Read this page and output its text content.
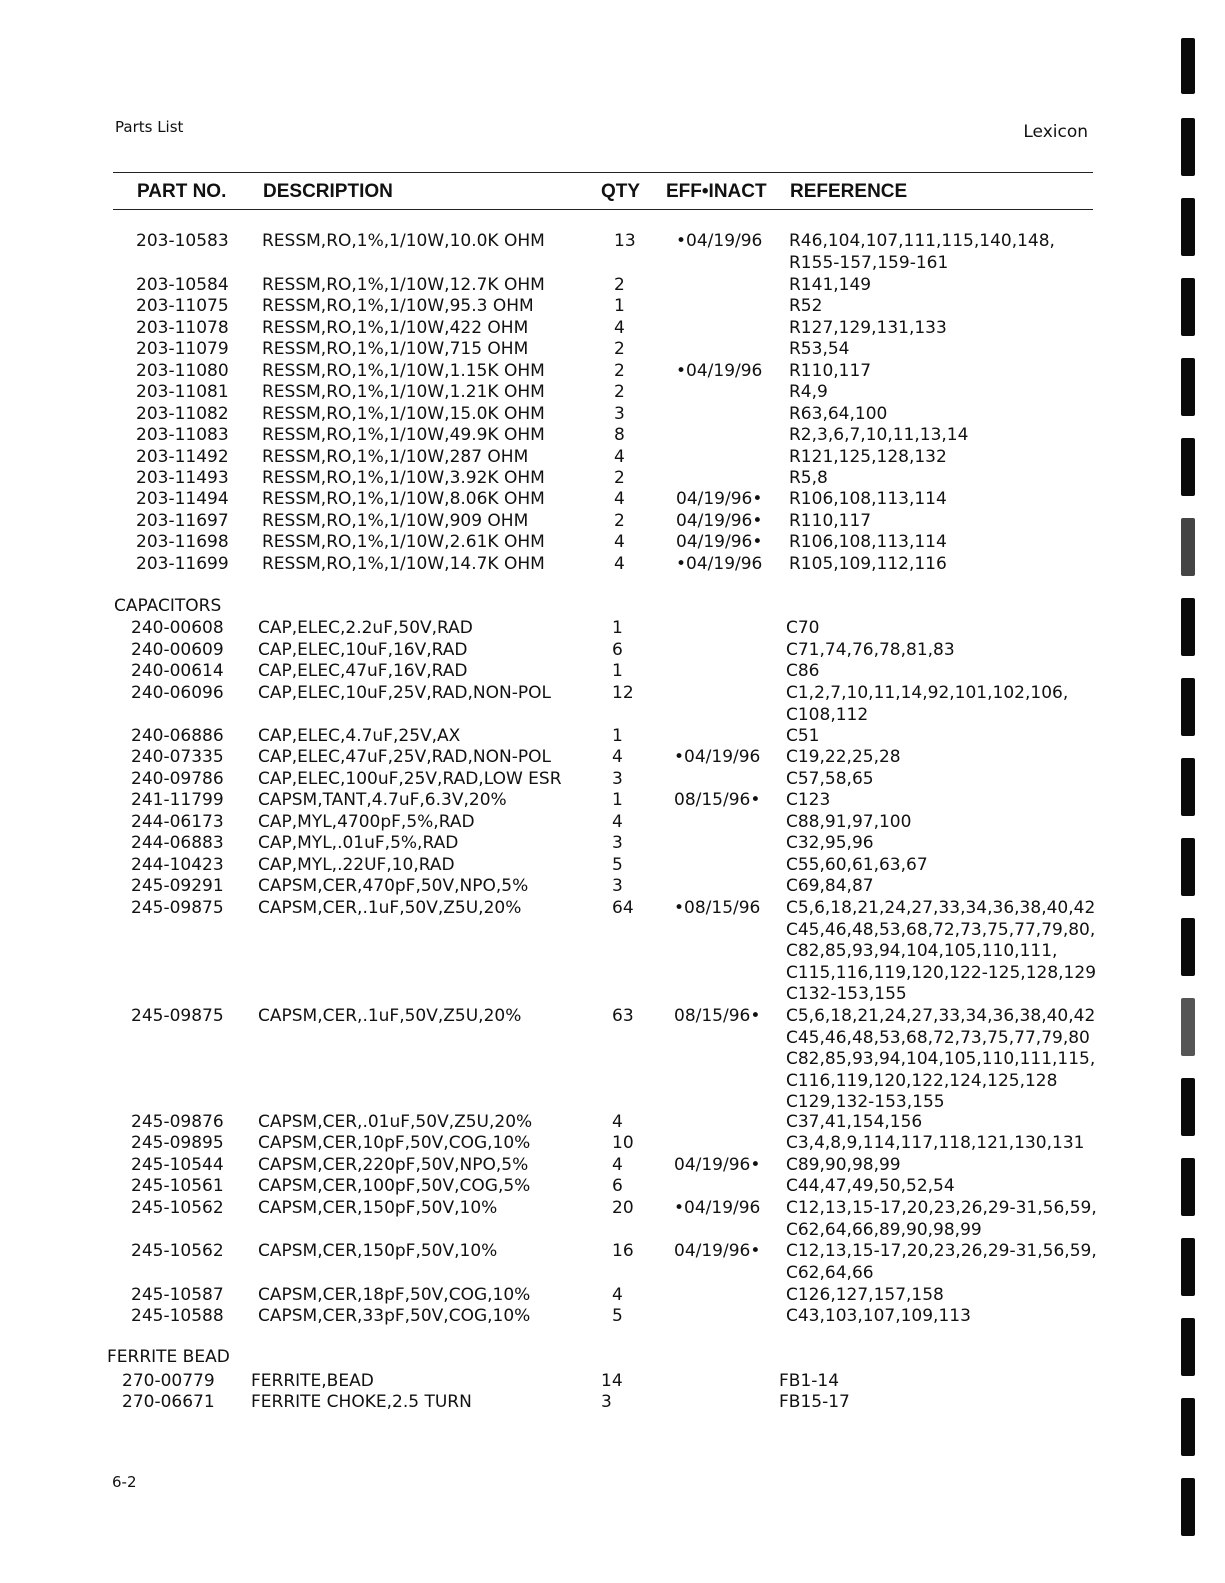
Parts List	Lexicon
PART NO. DESCRIPTION	QTY EFF•INACT REFERENCE
203-10583 RESSM,RO,1%,1/10W,10.0K OHM	13 •04/19/96 R46,104,107,111,115,140,148,
R155-157,159-161
203-10584 RESSM,RO,1%,1/10W,12.7K OHM	2	R141,149
203-11075 RESSM,RO,1%,1/10W,95.3 OHM	1	R52
203-11078 RESSM,RO,1%,1/10W,422 OHM	4	R127,129,131,133
203-11079 RESSM,RO,1%,1/10W,715 OHM	2	R53,54
203-11080 RESSM,RO,1%,1/10W,1.15K OHM	2	•04/19/96 R110,117
203-11081 RESSM,RO,1%,1/10W,1.21K OHM	2	R4,9
203-11082 RESSM,RO,1%,1/10W,15.0K OHM	3	R63,64,100
203-11083 RESSM,RO,1%,1/10W,49.9K OHM	8	R2,3,6,7,10,11,13,14
203-11492 RESSM,RO,1%,1/10W,287 OHM	4	R121,125,128,132
203-11493 RESSM,RO,1%,1/10W,3.92K OHM	2	R5,8
203-11494 RESSM,RO,1%,1/10W,8.06K OHM	4	04/19/96• R106,108,113,114
203-11697 RESSM,RO,1%,1/10W,909 OHM	2	04/19/96• R110,117
203-11698 RESSM,RO,1%,1/10W,2.61K OHM	4	04/19/96• R106,108,113,114
203-11699 RESSM,RO,1%,1/10W,14.7K OHM	4	•04/19/96 R105,109,112,116
CAPACITORS
240-00608 CAP,ELEC,2.2uF,50V,RAD	1	C70
240-00609 CAP,ELEC,10uF,16V,RAD	6	C71,74,76,78,81,83
240-00614 CAP,ELEC,47uF,16V,RAD	1	C86
240-06096 CAP,ELEC,10uF,25V,RAD,NON-POL	12	C1,2,7,10,11,14,92,101,102,106,
C108,112
240-06886 CAP,ELEC,4.7uF,25V,AX	1	C51
240-07335 CAP,ELEC,47uF,25V,RAD,NON-POL	4	•04/19/96 C19,22,25,28
240-09786 CAP,ELEC,100uF,25V,RAD,LOW ESR	3	C57,58,65
241-11799 CAPSM,TANT,4.7uF,6.3V,20%	1	08/15/96• C123
244-06173 CAP,MYL,4700pF,5%,RAD	4	C88,91,97,100
244-06883 CAP,MYL,.01uF,5%,RAD	3	C32,95,96
244-10423 CAP,MYL,.22UF,10,RAD	5	C55,60,61,63,67
245-09291 CAPSM,CER,470pF,50V,NPO,5%	3	C69,84,87
245-09875 CAPSM,CER,.1uF,50V,Z5U,20%	64 •08/15/96 C5,6,18,21,24,27,33,34,36,38,40,42
C45,46,48,53,68,72,73,75,77,79,80,
C82,85,93,94,104,105,110,111,
C115,116,119,120,122-125,128,129
C132-153,155
245-09875 CAPSM,CER,.1uF,50V,Z5U,20%	63 08/15/96• C5,6,18,21,24,27,33,34,36,38,40,42
C45,46,48,53,68,72,73,75,77,79,80
C82,85,93,94,104,105,110,111,115,
C116,119,120,122,124,125,128
C129,132-153,155
245-09876 CAPSM,CER,.01uF,50V,Z5U,20%	4	C37,41,154,156
245-09895 CAPSM,CER,10pF,50V,COG,10%	10	C3,4,8,9,114,117,118,121,130,131
245-10544 CAPSM,CER,220pF,50V,NPO,5%	4	04/19/96• C89,90,98,99
245-10561 CAPSM,CER,100pF,50V,COG,5%	6	C44,47,49,50,52,54
245-10562 CAPSM,CER,150pF,50V,10%	20 •04/19/96 C12,13,15-17,20,23,26,29-31,56,59,
C62,64,66,89,90,98,99
245-10562 CAPSM,CER,150pF,50V,10%	16 04/19/96• C12,13,15-17,20,23,26,29-31,56,59,
C62,64,66
245-10587 CAPSM,CER,18pF,50V,COG,10%	4	C126,127,157,158
245-10588 CAPSM,CER,33pF,50V,COG,10%	5	C43,103,107,109,113
FERRITE BEAD
270-00779 FERRITE,BEAD	14	FB1-14
270-06671 FERRITE CHOKE,2.5 TURN	3	FB15-17
6-2
